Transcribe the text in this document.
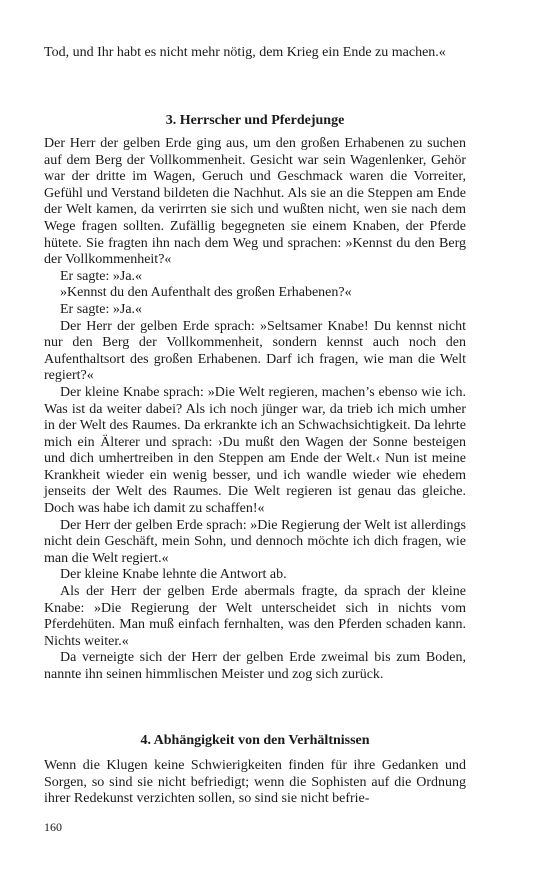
Tod, und Ihr habt es nicht mehr nötig, dem Krieg ein Ende zu machen.«

3. Herrscher und Pferdejunge

Der Herr der gelben Erde ging aus, um den großen Erhabenen zu suchen auf dem Berg der Vollkommenheit. Gesicht war sein Wagenlenker, Gehör war der dritte im Wagen, Geruch und Geschmack waren die Vorreiter, Gefühl und Verstand bildeten die Nachhut. Als sie an die Steppen am Ende der Welt kamen, da verirrten sie sich und wußten nicht, wen sie nach dem Wege fragen sollten. Zufällig begegneten sie einem Knaben, der Pferde hütete. Sie fragten ihn nach dem Weg und sprachen: »Kennst du den Berg der Vollkommenheit?«

Er sagte: »Ja.«

»Kennst du den Aufenthalt des großen Erhabenen?«

Er sagte: »Ja.«

Der Herr der gelben Erde sprach: »Seltsamer Knabe! Du kennst nicht nur den Berg der Vollkommenheit, sondern kennst auch noch den Aufenthaltsort des großen Erhabenen. Darf ich fragen, wie man die Welt regiert?«

Der kleine Knabe sprach: »Die Welt regieren, machen’s ebenso wie ich. Was ist da weiter dabei? Als ich noch jünger war, da trieb ich mich umher in der Welt des Raumes. Da erkrankte ich an Schwachsichtigkeit. Da lehrte mich ein Älterer und sprach: ›Du mußt den Wagen der Sonne besteigen und dich umhertreiben in den Steppen am Ende der Welt.‹ Nun ist meine Krankheit wieder ein wenig besser, und ich wandle wieder wie ehedem jenseits der Welt des Raumes. Die Welt regieren ist genau das gleiche. Doch was habe ich damit zu schaffen!«

Der Herr der gelben Erde sprach: »Die Regierung der Welt ist allerdings nicht dein Geschäft, mein Sohn, und dennoch möchte ich dich fragen, wie man die Welt regiert.«

Der kleine Knabe lehnte die Antwort ab.

Als der Herr der gelben Erde abermals fragte, da sprach der kleine Knabe: »Die Regierung der Welt unterscheidet sich in nichts vom Pferdehüten. Man muß einfach fernhalten, was den Pferden schaden kann. Nichts weiter.«

Da verneigte sich der Herr der gelben Erde zweimal bis zum Boden, nannte ihn seinen himmlischen Meister und zog sich zurück.

4. Abhängigkeit von den Verhältnissen

Wenn die Klugen keine Schwierigkeiten finden für ihre Gedanken und Sorgen, so sind sie nicht befriedigt; wenn die Sophisten auf die Ordnung ihrer Redekunst verzichten sollen, so sind sie nicht befrie-

160
